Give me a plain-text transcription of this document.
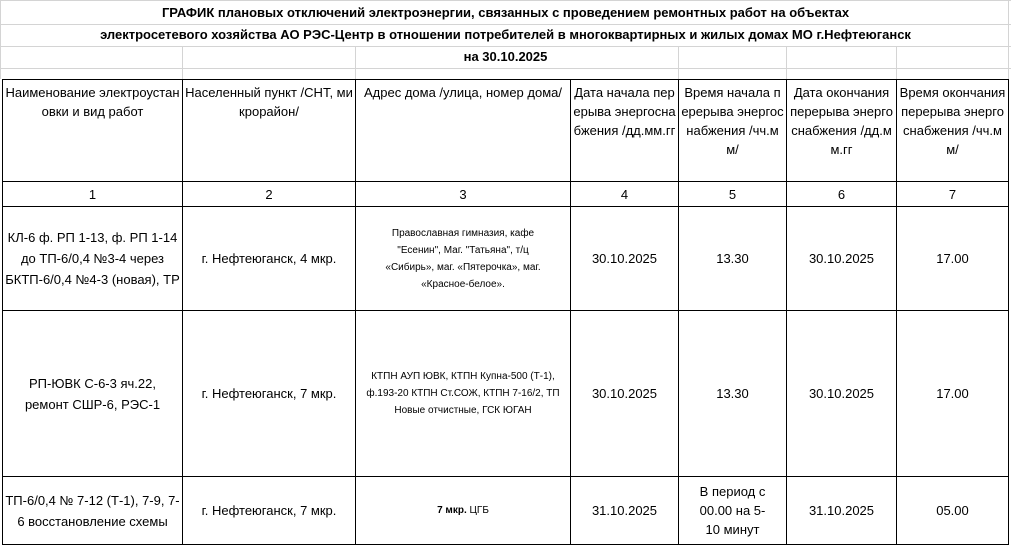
ГРАФИК плановых отключений электроэнергии, связанных с проведением ремонтных работ на объектах
электросетевого хозяйства АО РЭС-Центр в отношении потребителей в многоквартирных и жилых домах МО г.Нефтеюганск
на 30.10.2025
Наименование электроустановки и вид работ	Населенный пункт /СНТ, микрорайон/	Адрес дома /улица, номер дома/	Дата начала перерыва энергоснабжения /дд.мм.гг	Время начала перерыва энергоснабжения /чч.мм/	Дата окончания перерыва энергоснабжения /дд.мм.гг	Время окончания перерыва энергоснабжения /чч.мм/
1	2	3	4	5	6	7
КЛ-6 ф. РП 1-13, ф. РП 1-14 до ТП-6/0,4 №3-4 через БКТП-6/0,4 №4-3 (новая), ТР	г. Нефтеюганск, 4 мкр.	Православная гимназия, кафе "Есенин", Маг. "Татьяна", т/ц «Сибирь», маг. «Пятерочка», маг. «Красное-белое».	30.10.2025	13.30	30.10.2025	17.00
РП-ЮВК С-6-3 яч.22, ремонт СШР-6, РЭС-1	г. Нефтеюганск, 7 мкр.	КТПН АУП ЮВК, КТПН Купна-500 (Т-1), ф.193-20 КТПН Ст.СОЖ, КТПН 7-16/2, ТП Новые отчистные, ГСК ЮГАН	30.10.2025	13.30	30.10.2025	17.00
ТП-6/0,4 № 7-12 (Т-1), 7-9, 7-6 восстановление схемы	г. Нефтеюганск, 7 мкр.	7 мкр. ЦГБ	31.10.2025	В период с 00.00 на 5-10 минут	31.10.2025	05.00
